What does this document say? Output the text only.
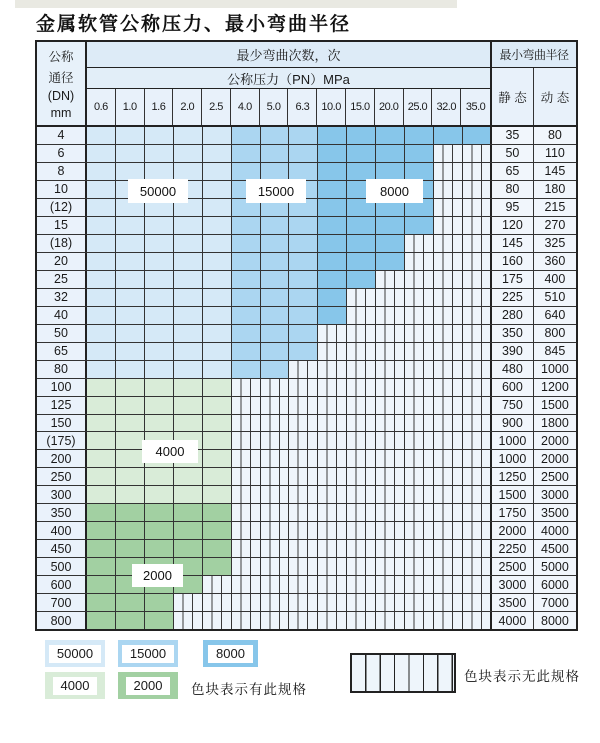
金属软管公称压力、最小弯曲半径
公称
通径
(DN)
mm
最少弯曲次数，次
公称压力（PN）MPa
0.6	1.0	1.6	2.0	2.5	4.0	5.0	6.3	10.0 15.0 20.0 25.0 32.0 35.0
最小弯曲半径
静 态	动 态
4	35	80
6	50	110
8	65	145
10	80	180
(12)	95	215
15	120	270
(18)	145	325
20	160	360
25	175	400
32	225	510
40	280	640
50	350	800
65	390	845
80	480	1000
100	600	1200
125	750	1500
150	900	1800
(175)	1000	2000
200	1000	2000
250	1250	2500
300	1500	3000
350	1750	3500
400	2000	4000
450	2250	4500
500	2500	5000
600	3000	6000
700	3500	7000
800	4000	8000
50000	15000	8000
4000
2000
50000	15000	8000
4000	2000	色块表示有此规格
色块表示无此规格
